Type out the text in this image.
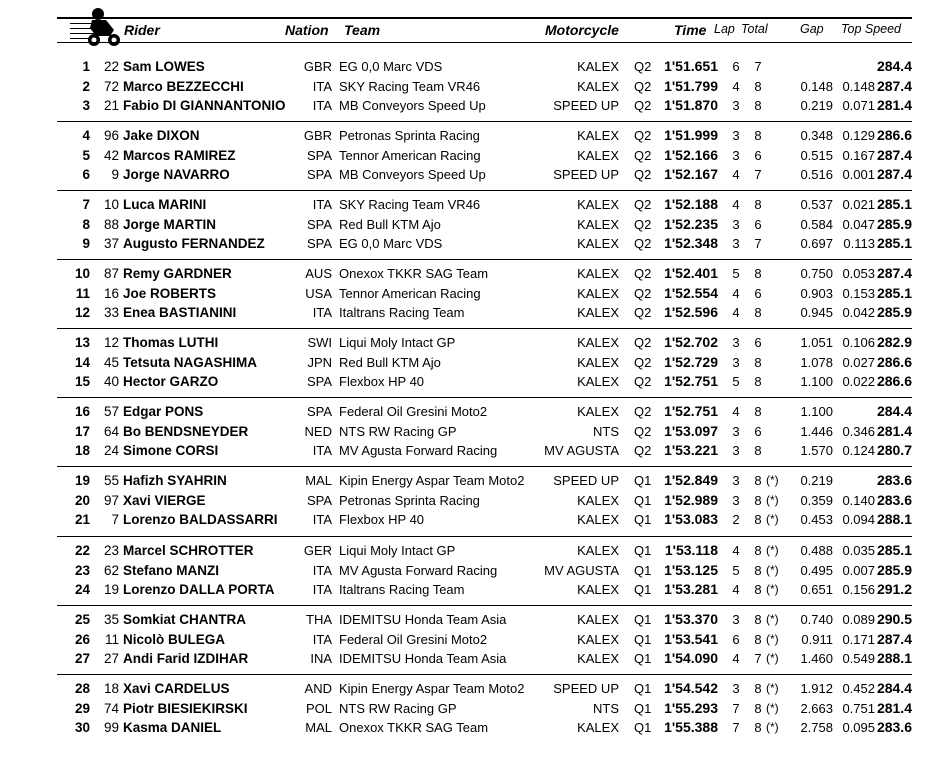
Rider	Nation Team	Motorcycle	Time Lap Total	Gap Top Speed
1	22 Sam LOWES	GBR EG 0,0 Marc VDS	KALEX Q2 1'51.651 6 7	284.4
2	72 Marco BEZZECCHI	ITA SKY Racing Team VR46	KALEX Q2 1'51.799 4 8	0.148 0.148 287.4
3	21 Fabio DI GIANNANTONIO	ITA MB Conveyors Speed Up	SPEED UP Q2 1'51.870 3 8	0.219 0.071 281.4
4	96 Jake DIXON	GBR Petronas Sprinta Racing	KALEX Q2 1'51.999 3 8	0.348 0.129 286.6
5	42 Marcos RAMIREZ	SPA Tennor American Racing	KALEX Q2 1'52.166 3 6	0.515 0.167 287.4
6	9 Jorge NAVARRO	SPA MB Conveyors Speed Up	SPEED UP Q2 1'52.167 4 7	0.516 0.001 287.4
7	10 Luca MARINI	ITA SKY Racing Team VR46	KALEX Q2 1'52.188 4 8	0.537 0.021 285.1
8	88 Jorge MARTIN	SPA Red Bull KTM Ajo	KALEX Q2 1'52.235 3 6	0.584 0.047 285.9
9	37 Augusto FERNANDEZ	SPA EG 0,0 Marc VDS	KALEX Q2 1'52.348 3 7	0.697 0.113 285.1
10	87 Remy GARDNER	AUS Onexox TKKR SAG Team	KALEX Q2 1'52.401 5 8	0.750 0.053 287.4
11	16 Joe ROBERTS	USA Tennor American Racing	KALEX Q2 1'52.554 4 6	0.903 0.153 285.1
12	33 Enea BASTIANINI	ITA Italtrans Racing Team	KALEX Q2 1'52.596 4 8	0.945 0.042 285.9
13	12 Thomas LUTHI	SWI Liqui Moly Intact GP	KALEX Q2 1'52.702 3 6	1.051 0.106 282.9
14	45 Tetsuta NAGASHIMA	JPN Red Bull KTM Ajo	KALEX Q2 1'52.729 3 8	1.078 0.027 286.6
15	40 Hector GARZO	SPA Flexbox HP 40	KALEX Q2 1'52.751 5 8	1.100 0.022 286.6
16	57 Edgar PONS	SPA Federal Oil Gresini Moto2	KALEX Q2 1'52.751 4 8	1.100	284.4
17	64 Bo BENDSNEYDER	NED NTS RW Racing GP	NTS Q2 1'53.097 3 6	1.446 0.346 281.4
18	24 Simone CORSI	ITA MV Agusta Forward Racing	MV AGUSTA Q2 1'53.221 3 8	1.570 0.124 280.7
19	55 Hafizh SYAHRIN	MAL Kipin Energy Aspar Team Moto2	SPEED UP Q1 1'52.849 3 8 (*)	0.219	283.6
20	97 Xavi VIERGE	SPA Petronas Sprinta Racing	KALEX Q1 1'52.989 3 8 (*)	0.359 0.140 283.6
21	7 Lorenzo BALDASSARRI	ITA Flexbox HP 40	KALEX Q1 1'53.083 2 8 (*)	0.453 0.094 288.1
22	23 Marcel SCHROTTER	GER Liqui Moly Intact GP	KALEX Q1 1'53.118 4 8 (*)	0.488 0.035 285.1
23	62 Stefano MANZI	ITA MV Agusta Forward Racing	MV AGUSTA Q1 1'53.125 5 8 (*)	0.495 0.007 285.9
24	19 Lorenzo DALLA PORTA	ITA Italtrans Racing Team	KALEX Q1 1'53.281 4 8 (*)	0.651 0.156 291.2
25	35 Somkiat CHANTRA	THA IDEMITSU Honda Team Asia	KALEX Q1 1'53.370 3 8 (*)	0.740 0.089 290.5
26	11 Nicolò BULEGA	ITA Federal Oil Gresini Moto2	KALEX Q1 1'53.541 6 8 (*)	0.911 0.171 287.4
27	27 Andi Farid IZDIHAR	INA IDEMITSU Honda Team Asia	KALEX Q1 1'54.090 4 7 (*)	1.460 0.549 288.1
28	18 Xavi CARDELUS	AND Kipin Energy Aspar Team Moto2	SPEED UP Q1 1'54.542 3 8 (*)	1.912 0.452 284.4
29	74 Piotr BIESIEKIRSKI	POL NTS RW Racing GP	NTS Q1 1'55.293 7 8 (*)	2.663 0.751 281.4
30	99 Kasma DANIEL	MAL Onexox TKKR SAG Team	KALEX Q1 1'55.388 7 8 (*)	2.758 0.095 283.6
